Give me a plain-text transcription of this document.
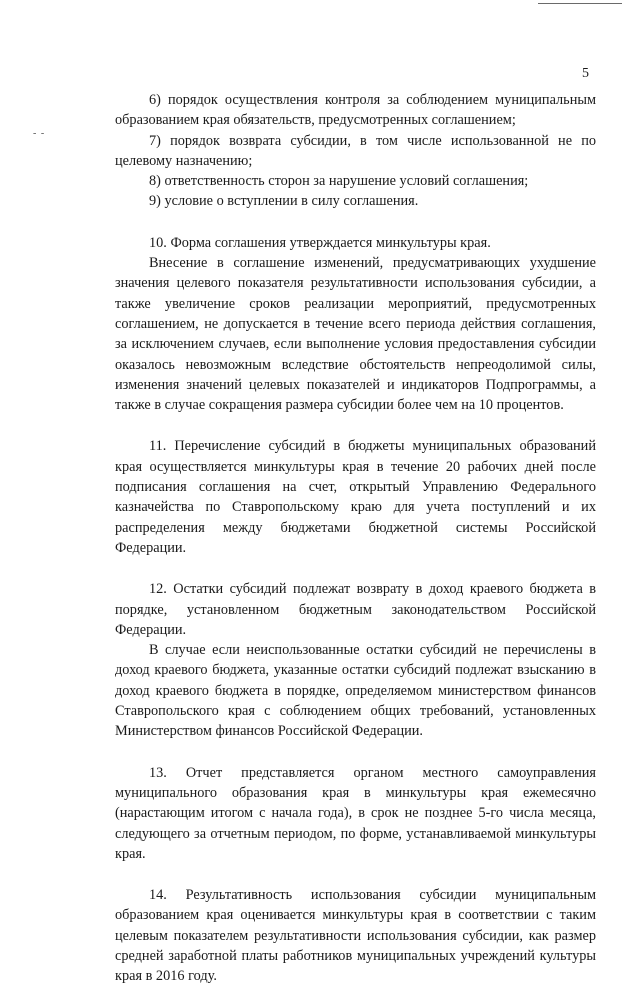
- -
5

6) порядок осуществления контроля за соблюдением муниципальным образованием края обязательств, предусмотренных соглашением;

7) порядок возврата субсидии, в том числе использованной не по целевому назначению;

8) ответственность сторон за нарушение условий соглашения;

9) условие о вступлении в силу соглашения.

10. Форма соглашения утверждается минкультуры края.

Внесение в соглашение изменений, предусматривающих ухудшение значения целевого показателя результативности использования субсидии, а также увеличение сроков реализации мероприятий, предусмотренных соглашением, не допускается в течение всего периода действия соглашения, за исключением случаев, если выполнение условия предоставления субсидии оказалось невозможным вследствие обстоятельств непреодолимой силы, изменения значений целевых показателей и индикаторов Подпрограммы, а также в случае сокращения размера субсидии более чем на 10 процентов.

11. Перечисление субсидий в бюджеты муниципальных образований края осуществляется минкультуры края в течение 20 рабочих дней после подписания соглашения на счет, открытый Управлению Федерального казначейства по Ставропольскому краю для учета поступлений и их распределения между бюджетами бюджетной системы Российской Федерации.

12. Остатки субсидий подлежат возврату в доход краевого бюджета в порядке, установленном бюджетным законодательством Российской Федерации.

В случае если неиспользованные остатки субсидий не перечислены в доход краевого бюджета, указанные остатки субсидий подлежат взысканию в доход краевого бюджета в порядке, определяемом министерством финансов Ставропольского края с соблюдением общих требований, установленных Министерством финансов Российской Федерации.

13. Отчет представляется органом местного самоуправления муниципального образования края в минкультуры края ежемесячно (нарастающим итогом с начала года), в срок не позднее 5-го числа месяца, следующего за отчетным периодом, по форме, устанавливаемой минкультуры края.

14. Результативность использования субсидии муниципальным образованием края оценивается минкультуры края в соответствии с таким целевым показателем результативности использования субсидии, как размер средней заработной платы работников муниципальных учреждений культуры края в 2016 году.
